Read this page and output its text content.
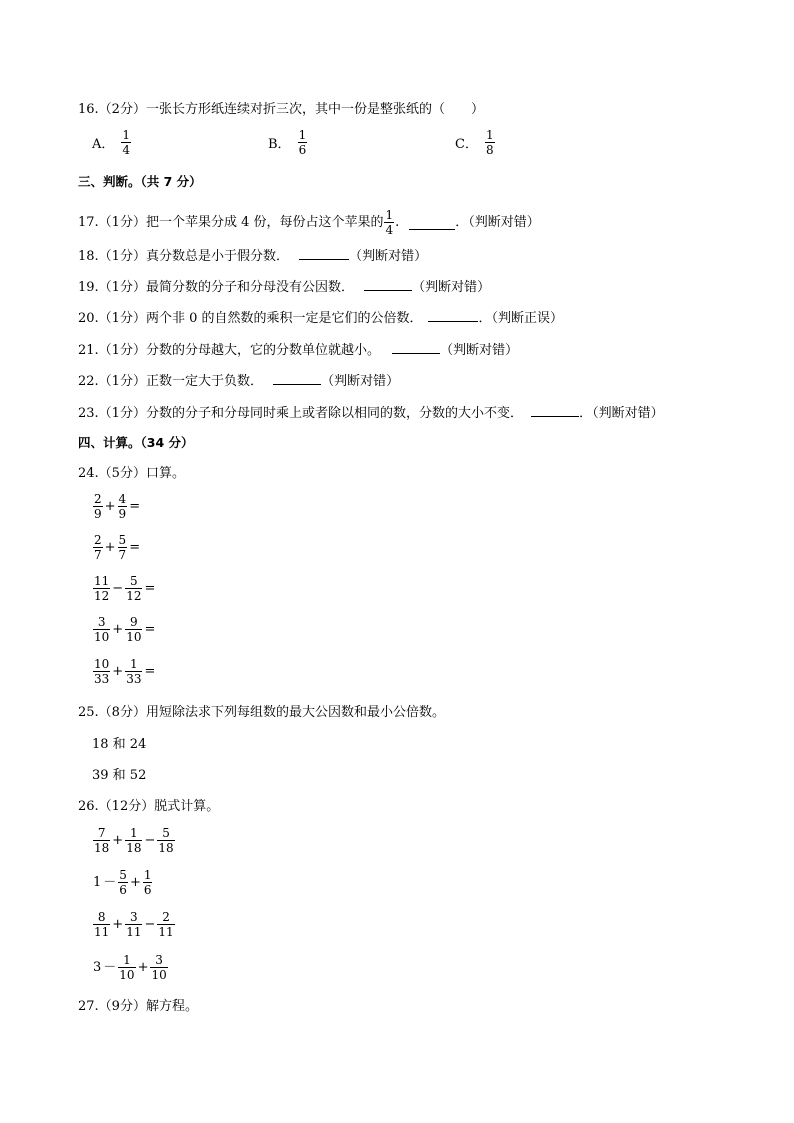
16.（2分）一张长方形纸连续对折三次，其中一份是整张纸的（　　）
A． $\frac{1}{4}$	B． $\frac{1}{6}$	C． $\frac{1}{8}$
三、判断。（共 7 分）
17.（1分）把一个苹果分成 4 份，每份占这个苹果的 $\frac{1}{4}$ .	．（判断对错）
18.（1分）真分数总是小于假分数．	（判断对错）
19.（1分）最简分数的分子和分母没有公因数．	（判断对错）
20.（1分）两个非 0 的自然数的乘积一定是它们的公倍数．	．（判断正误）
21.（1分）分数的分母越大，它的分数单位就越小。	（判断对错）
22.（1分）正数一定大于负数．	（判断对错）
23.（1分）分数的分子和分母同时乘上或者除以相同的数，分数的大小不变．	．（判断对错）
四、计算。（34 分）
24.（5分）口算。
$\frac{2}{9} + \frac{4}{9}$ =
$\frac{2}{7} + \frac{5}{7}$ =
$\frac{11}{12} - \frac{5}{12}$ =
$\frac{3}{10} + \frac{9}{10}$ =
$\frac{10}{33} + \frac{1}{33}$ =
25.（8分）用短除法求下列每组数的最大公因数和最小公倍数。
18 和 24
39 和 52
26.（12分）脱式计算。
$\frac{7}{18} + \frac{1}{18} - \frac{5}{18}$
$1 - \frac{5}{6} + \frac{1}{6}$
$\frac{8}{11} + \frac{3}{11} - \frac{2}{11}$
$3 - \frac{1}{10} + \frac{3}{10}$
27.（9分）解方程。
